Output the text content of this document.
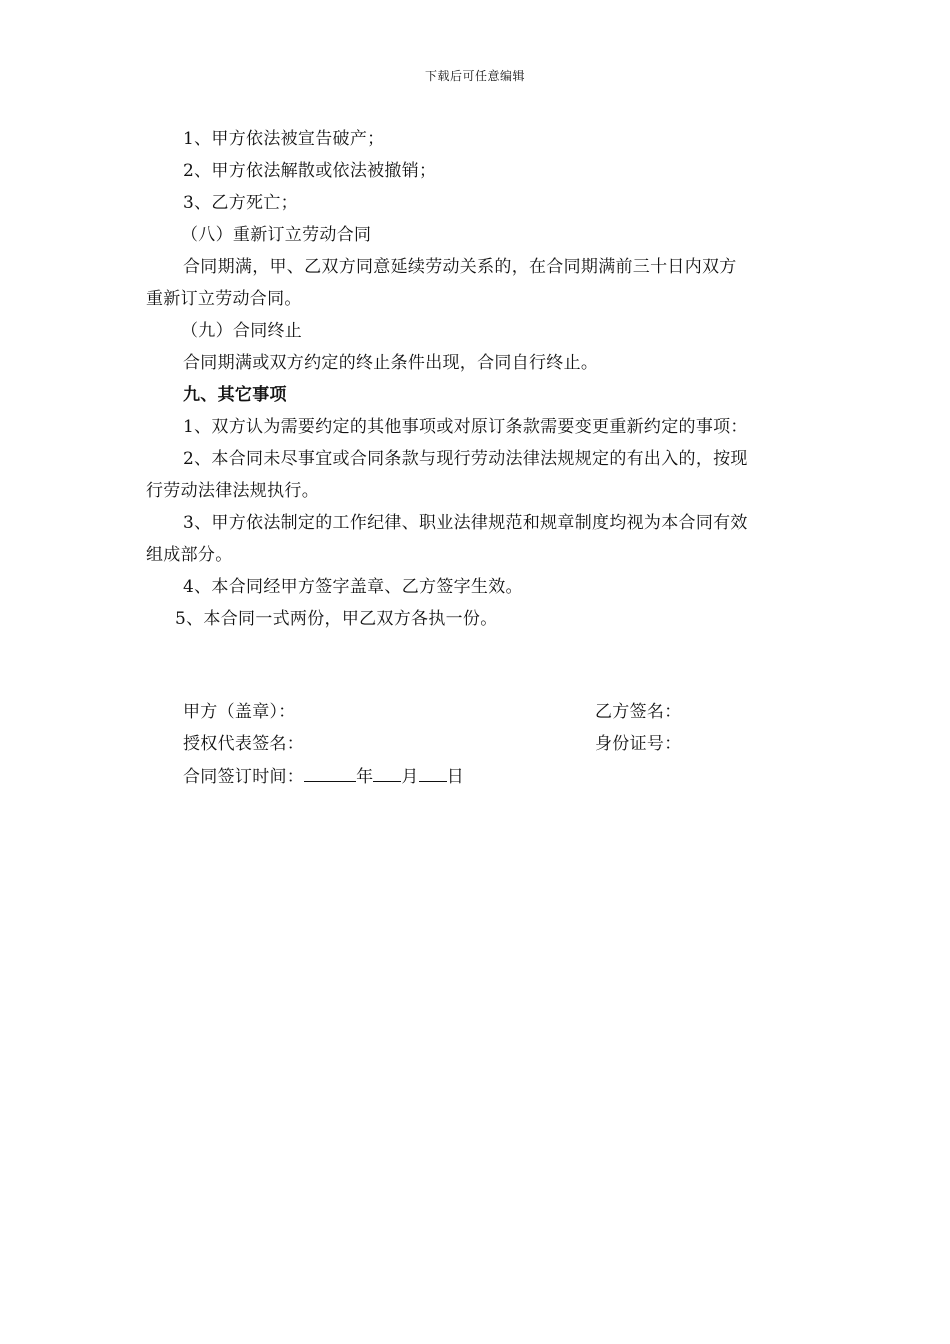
下载后可任意编辑
1、甲方依法被宣告破产；
2、甲方依法解散或依法被撤销；
3、乙方死亡；
（八）重新订立劳动合同
合同期满，甲、乙双方同意延续劳动关系的，在合同期满前三十日内双方
重新订立劳动合同。
（九）合同终止
合同期满或双方约定的终止条件出现，合同自行终止。
九、其它事项
1、双方认为需要约定的其他事项或对原订条款需要变更重新约定的事项：
2、本合同未尽事宜或合同条款与现行劳动法律法规规定的有出入的，按现
行劳动法律法规执行。
3、甲方依法制定的工作纪律、职业法律规范和规章制度均视为本合同有效
组成部分。
4、本合同经甲方签字盖章、乙方签字生效。
5、本合同一式两份，甲乙双方各执一份。
甲方（盖章）：	乙方签名：
授权代表签名：	身份证号：
合同签订时间：	年 月 日
